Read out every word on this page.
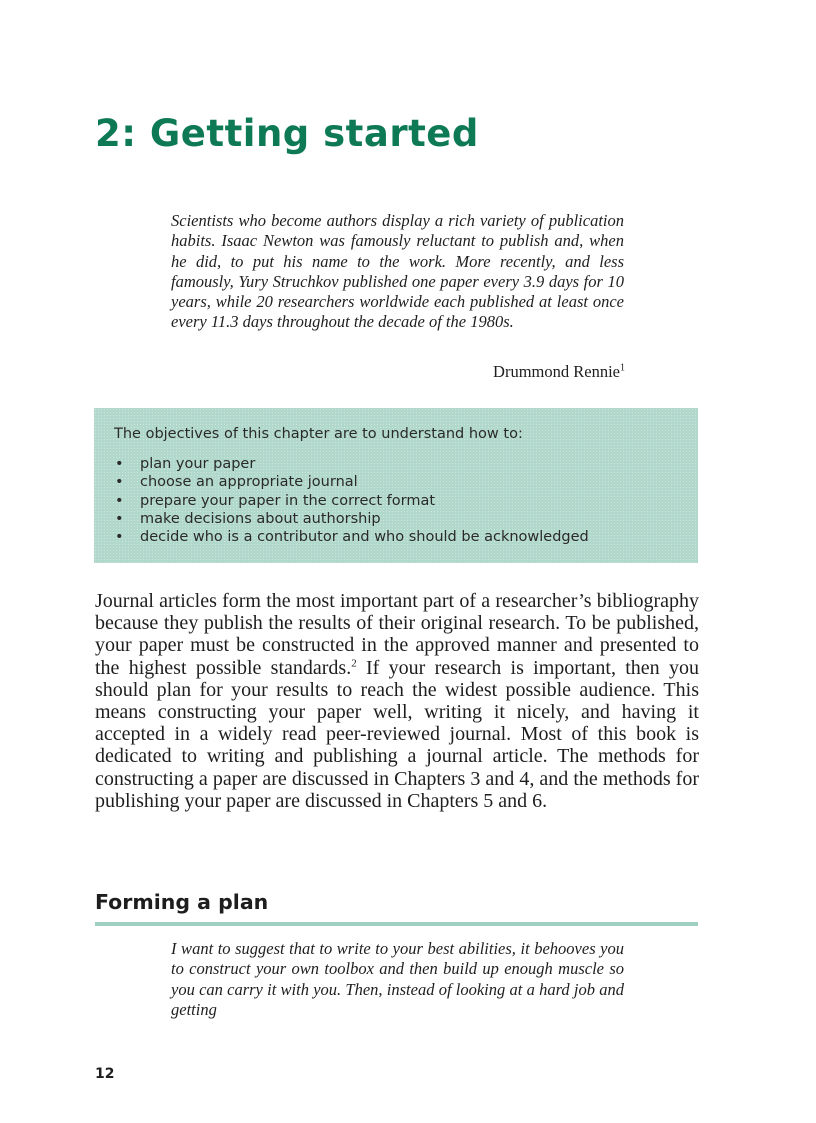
2: Getting started
Scientists who become authors display a rich variety of publication habits. Isaac Newton was famously reluctant to publish and, when he did, to put his name to the work. More recently, and less famously, Yury Struchkov published one paper every 3.9 days for 10 years, while 20 researchers worldwide each published at least once every 11.3 days throughout the decade of the 1980s.
Drummond Rennie$^1$

The objectives of this chapter are to understand how to:

• plan your paper
• choose an appropriate journal
• prepare your paper in the correct format
• make decisions about authorship
• decide who is a contributor and who should be acknowledged

Journal articles form the most important part of a researcher’s bibliography because they publish the results of their original research. To be published, your paper must be constructed in the approved manner and presented to the highest possible standards.$^2$ If your research is important, then you should plan for your results to reach the widest possible audience. This means constructing your paper well, writing it nicely, and having it accepted in a widely read peer-reviewed journal. Most of this book is dedicated to writing and publishing a journal article. The methods for constructing a paper are discussed in Chapters 3 and 4, and the methods for publishing your paper are discussed in Chapters 5 and 6.

Forming a plan
I want to suggest that to write to your best abilities, it behooves you to construct your own toolbox and then build up enough muscle so you can carry it with you. Then, instead of looking at a hard job and getting
12
